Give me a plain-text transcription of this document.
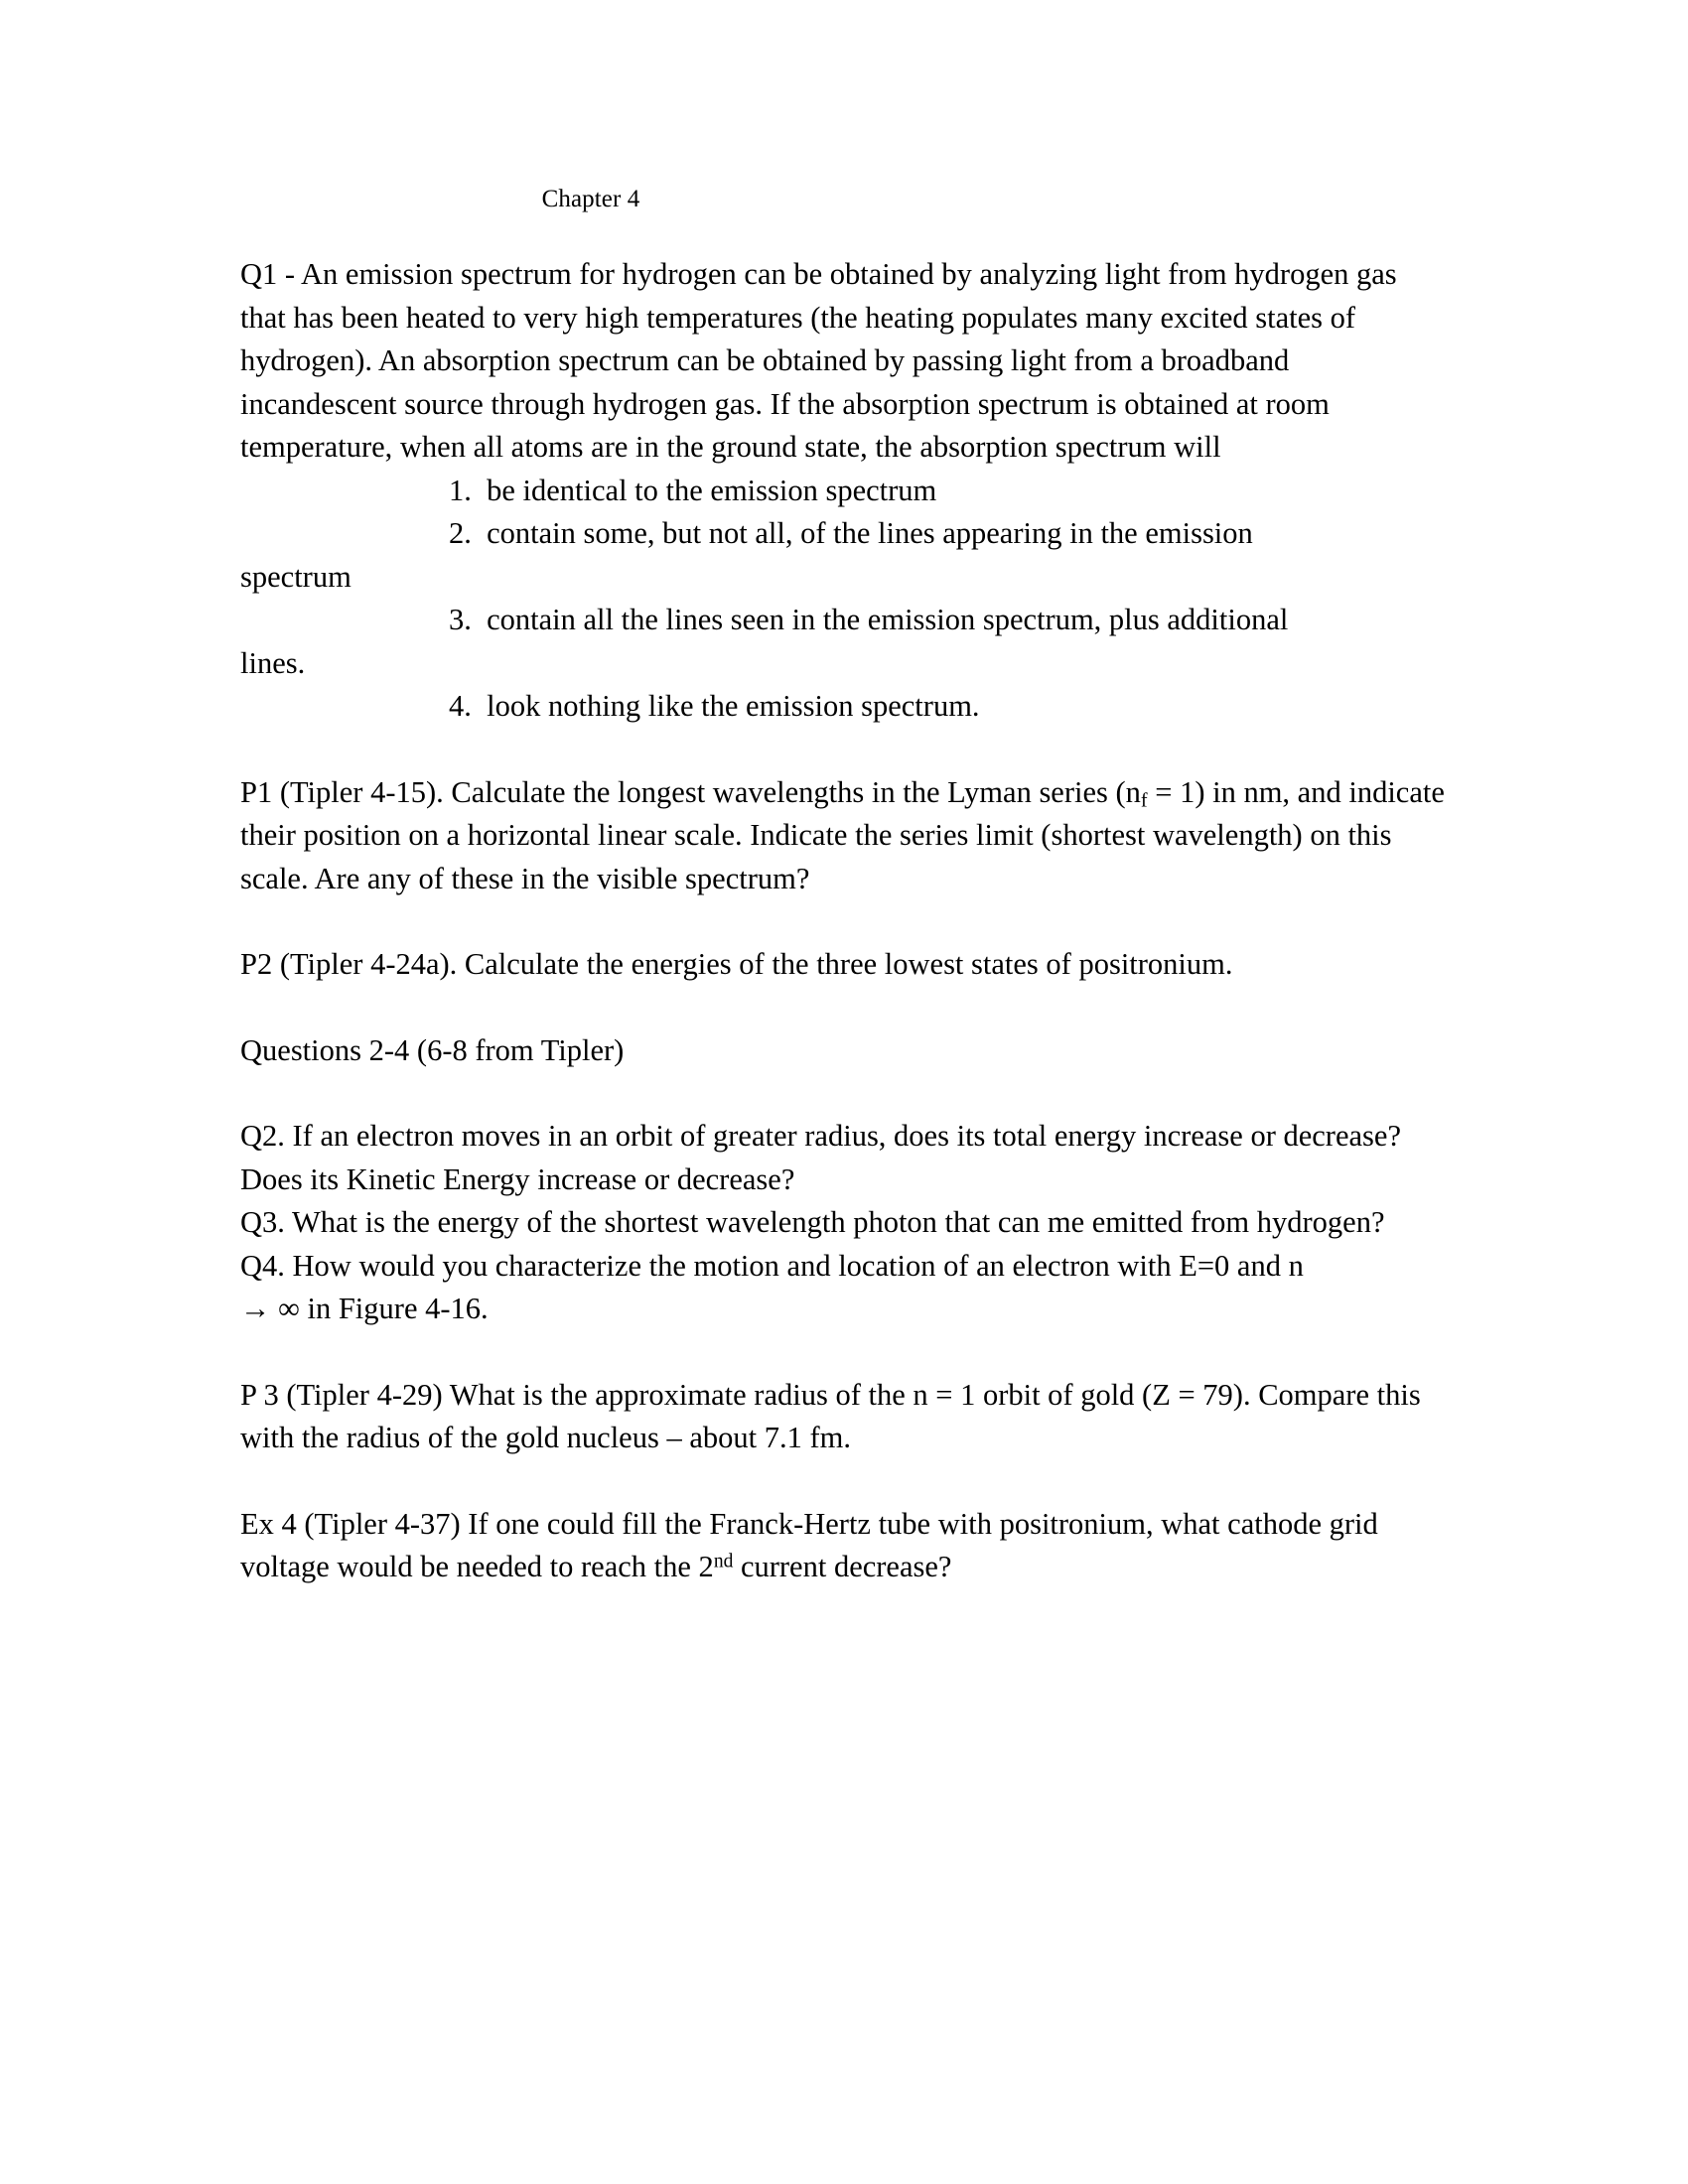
Chapter 4

Q1 - An emission spectrum for hydrogen can be obtained by analyzing light from hydrogen gas that has been heated to very high temperatures (the heating populates many excited states of hydrogen). An absorption spectrum can be obtained by passing light from a broadband incandescent source through hydrogen gas. If the absorption spectrum is obtained at room temperature, when all atoms are in the ground state, the absorption spectrum will

1. be identical to the emission spectrum

2. contain some, but not all, of the lines appearing in the emission

spectrum

3. contain all the lines seen in the emission spectrum, plus additional

lines.

4. look nothing like the emission spectrum.

P1 (Tipler 4-15). Calculate the longest wavelengths in the Lyman series $(n_f = 1)$ in nm, and indicate their position on a horizontal linear scale. Indicate the series limit (shortest wavelength) on this scale. Are any of these in the visible spectrum?

P2 (Tipler 4-24a). Calculate the energies of the three lowest states of positronium.

Questions 2-4 (6-8 from Tipler)

Q2. If an electron moves in an orbit of greater radius, does its total energy increase or decrease? Does its Kinetic Energy increase or decrease?

Q3. What is the energy of the shortest wavelength photon that can me emitted from hydrogen?

Q4. How would you characterize the motion and location of an electron with E=0 and n
→ ∞ in Figure 4-16.

P 3 (Tipler 4-29) What is the approximate radius of the n = 1 orbit of gold (Z = 79). Compare this with the radius of the gold nucleus – about 7.1 fm.

Ex 4 (Tipler 4-37) If one could fill the Franck-Hertz tube with positronium, what cathode grid voltage would be needed to reach the 2nd current decrease?
